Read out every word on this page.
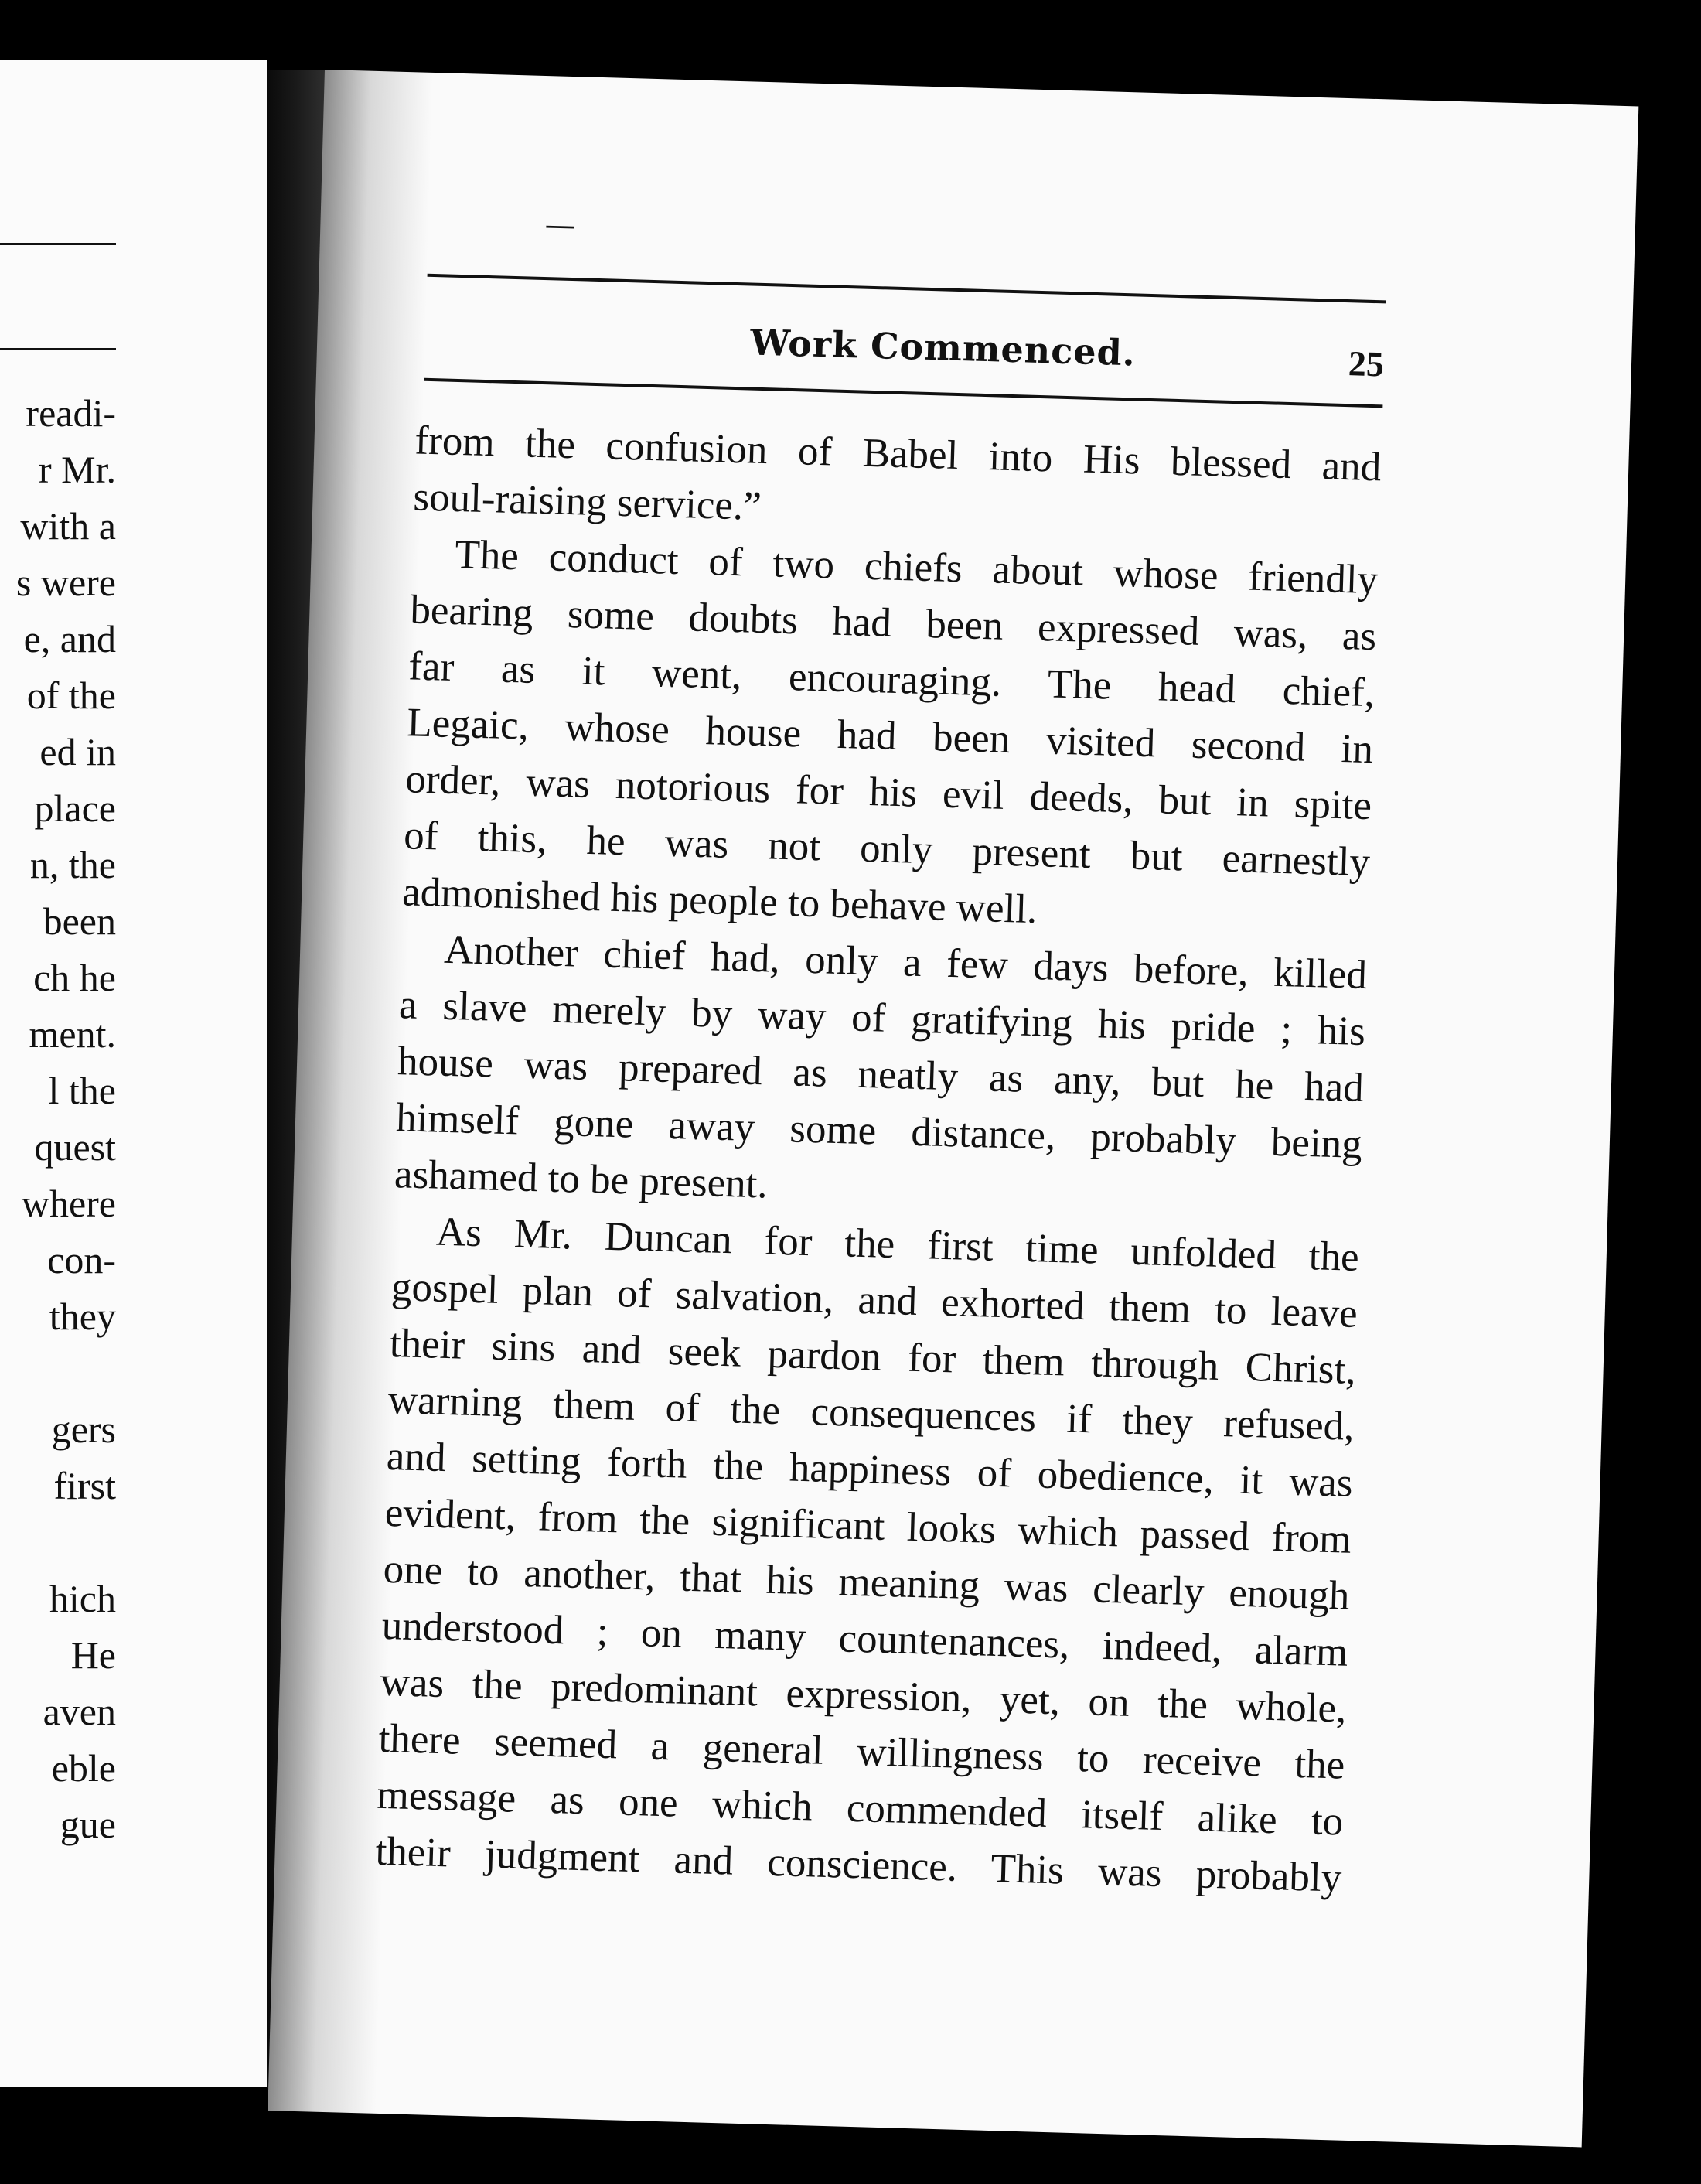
readi-
r Mr.
with a
s were
e, and
of the
ed in
place
n, the
been
ch he
ment.
l the
quest
where
con-
they
gers
first
hich
He
aven
eble
gue
—
Work Commenced.	25
from the confusion of Babel into His blessed and
soul-raising service.”
The conduct of two chiefs about whose friendly
bearing some doubts had been expressed was, as
far as it went, encouraging. The head chief,
Legaic, whose house had been visited second in
order, was notorious for his evil deeds, but in spite
of this, he was not only present but earnestly
admonished his people to behave well.
Another chief had, only a few days before, killed
a slave merely by way of gratifying his pride ; his
house was prepared as neatly as any, but he had
himself gone away some distance, probably being
ashamed to be present.
As Mr. Duncan for the first time unfolded the
gospel plan of salvation, and exhorted them to leave
their sins and seek pardon for them through Christ,
warning them of the consequences if they refused,
and setting forth the happiness of obedience, it was
evident, from the significant looks which passed from
one to another, that his meaning was clearly enough
understood ; on many countenances, indeed, alarm
was the predominant expression, yet, on the whole,
there seemed a general willingness to receive the
message as one which commended itself alike to
their judgment and conscience. This was probably
